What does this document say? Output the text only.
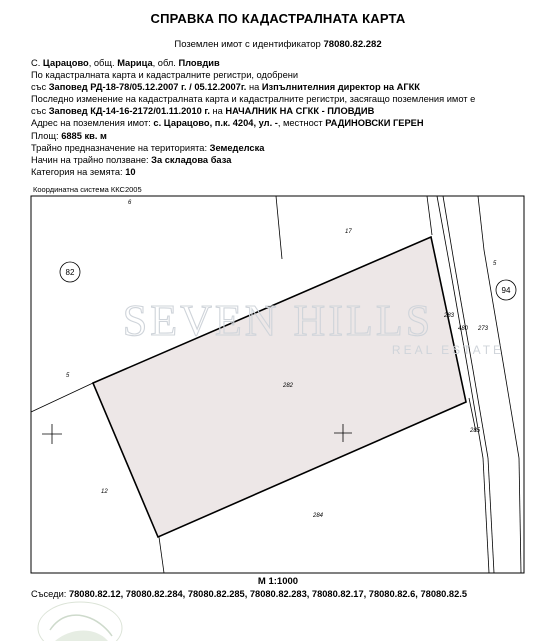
СПРАВКА ПО КАДАСТРАЛНАТА КАРТА
Поземлен имот с идентификатор 78080.82.282
С. Царацово, общ. Марица, обл. Пловдив
По кадастралната карта и кадастралните регистри, одобрени
със Заповед РД-18-78/05.12.2007 г. / 05.12.2007г. на Изпълнителния директор на АГКК
Последно изменение на кадастралната карта и кадастралните регистри, засягащо поземления имот е
със Заповед КД-14-16-2172/01.11.2010 г. на НАЧАЛНИК НА СГКК - ПЛОВДИВ
Адрес на поземления имот: с. Царацово, п.к. 4204, ул. -, местност РАДИНОВСКИ ГЕРЕН
Площ: 6885 кв. м
Трайно предназначение на територията: Земеделска
Начин на трайно ползване: За складова база
Категория на земята: 10
Координатна система ККС2005
6
17
5
5
282
12
284
283
285
480 273
82
94
SEVEN HILLS
REAL ESTATE
М 1:1000
Съседи: 78080.82.12, 78080.82.284, 78080.82.285, 78080.82.283, 78080.82.17, 78080.82.6, 78080.82.5
